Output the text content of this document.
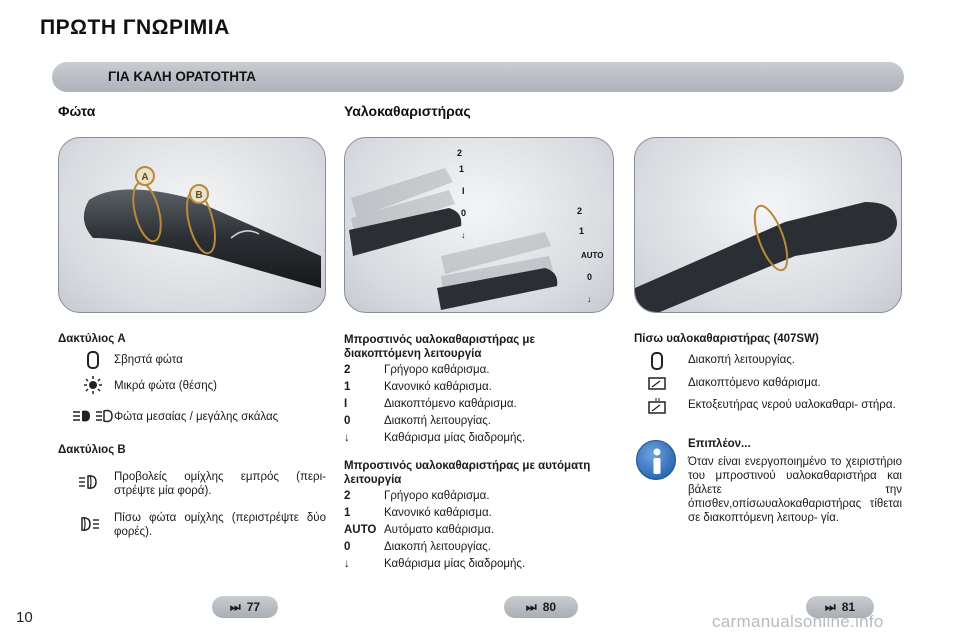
ΠΡΩΤΗ ΓΝΩΡΙΜΙΑ
ΓΙΑ ΚΑΛΗ ΟΡΑΤΟΤΗΤΑ
Φώτα	Υαλοκαθαριστήρας
A
B
2
1
I
0
↓
2
1
AUTO
0
↓
Δακτύλιος A
Σβηστά φώτα
Μικρά φώτα (θέσης)
Φώτα μεσαίας / μεγάλης σκάλας
Δακτύλιος B
Προβολείς ομίχλης εμπρός (περι- στρέψτε μία φορά).
Πίσω φώτα ομίχλης (περιστρέψτε δύο φορές).
Μπροστινός υαλοκαθαριστήρας με διακοπτόμενη λειτουργία
2	Γρήγορο καθάρισμα.
1	Κανονικό καθάρισμα.
I	Διακοπτόμενο καθάρισμα.
0	Διακοπή λειτουργίας.
↓	Καθάρισμα μίας διαδρομής.
Μπροστινός υαλοκαθαριστήρας με αυτόματη λειτουργία
2	Γρήγορο καθάρισμα.
1	Κανονικό καθάρισμα.
AUTO Αυτόματο καθάρισμα.
0	Διακοπή λειτουργίας.
↓	Καθάρισμα μίας διαδρομής.
Πίσω υαλοκαθαριστήρας (407SW)
Διακοπή λειτουργίας.
Διακοπτόμενο καθάρισμα.
Εκτοξευτήρας νερού υαλοκαθαρι- στήρα.
Επιπλέον...
Όταν είναι ενεργοποιημένο το χειριστήριο του μπροστινού υαλοκαθαριστήρα και βάλετε την όπισθεν,οπίσωυαλοκαθαριστήρας τίθεται σε διακοπτόμενη λειτουρ- γία.
⏭ 77	⏭ 80	⏭ 81
10	carmanualsonline.info
